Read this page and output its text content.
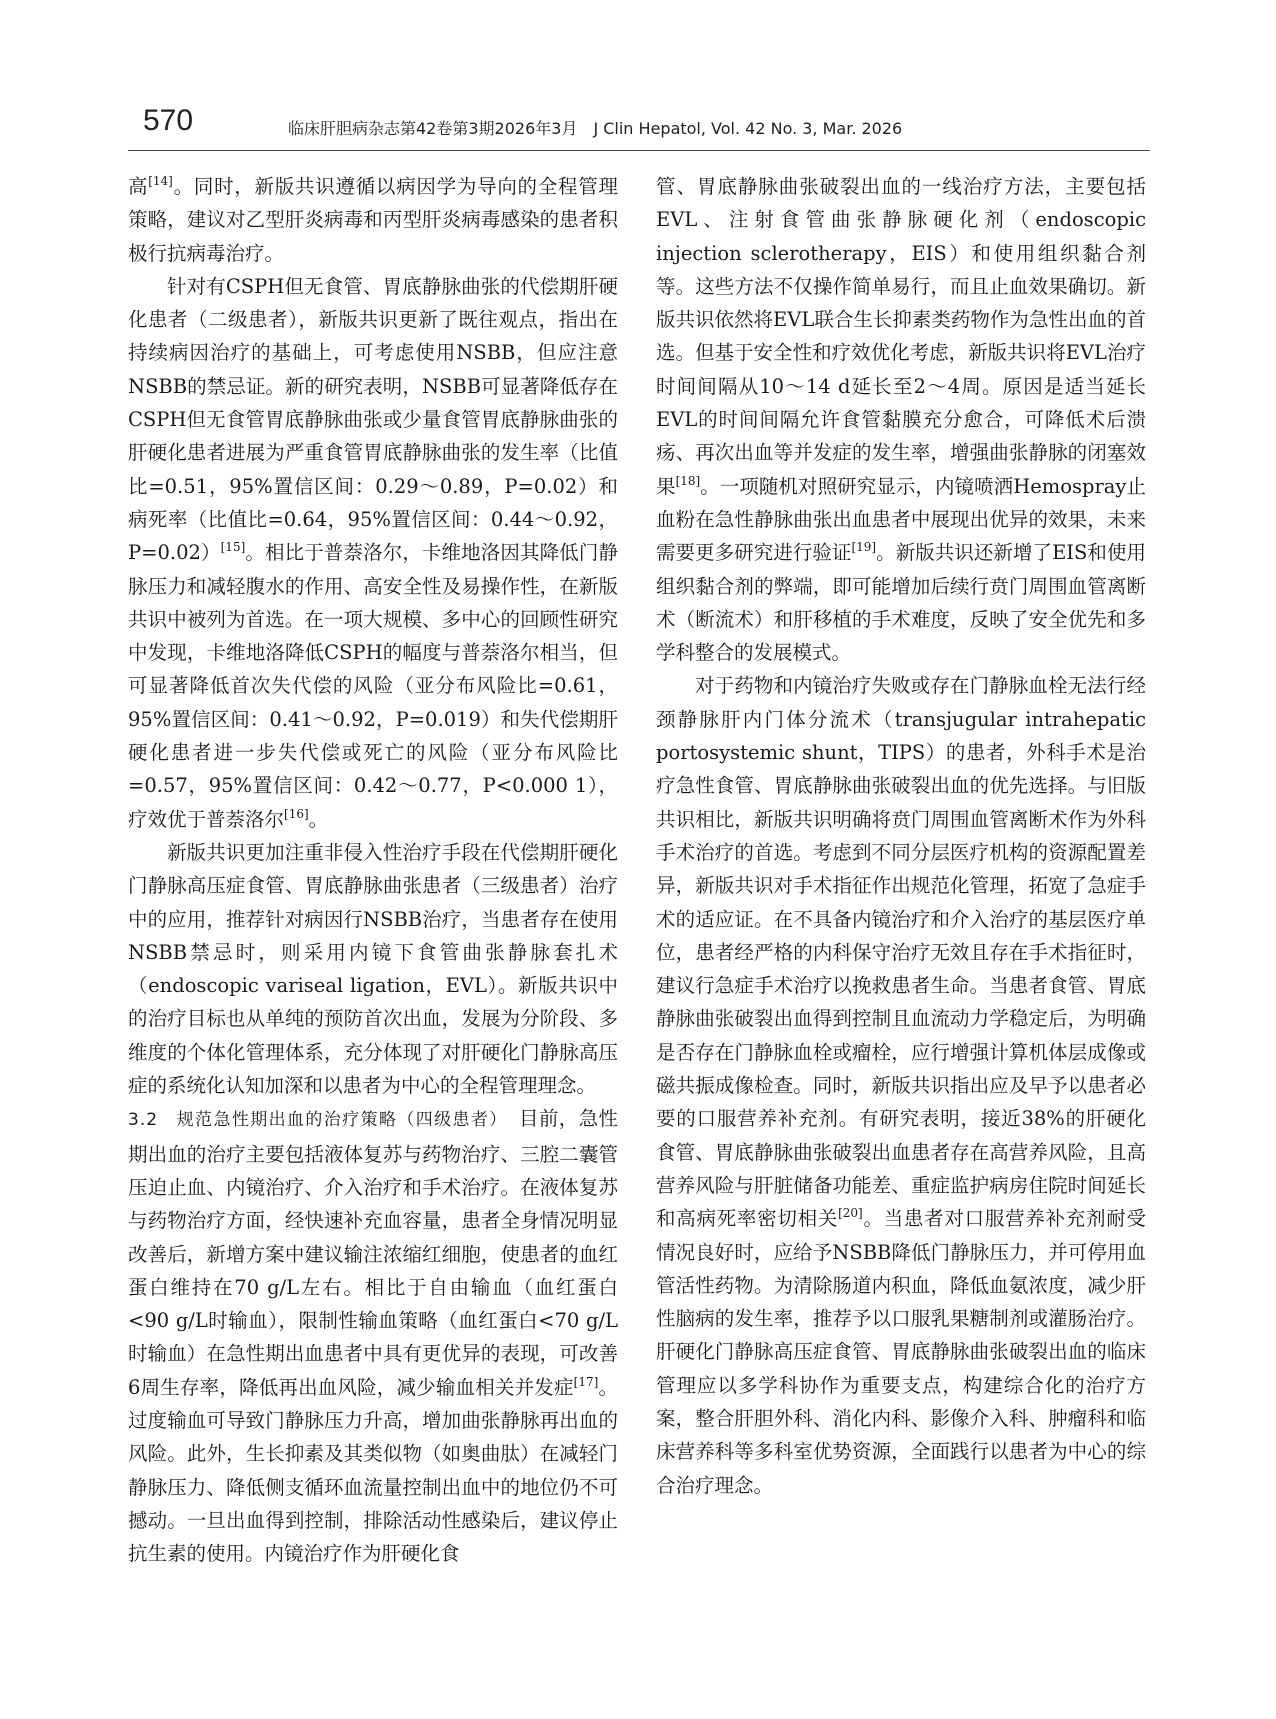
570	临床肝胆病杂志第42卷第3期2026年3月　J Clin Hepatol, Vol. 42 No. 3, Mar. 2026

高[14]。同时，新版共识遵循以病因学为导向的全程管理策略，建议对乙型肝炎病毒和丙型肝炎病毒感染的患者积极行抗病毒治疗。

针对有CSPH但无食管、胃底静脉曲张的代偿期肝硬化患者（二级患者），新版共识更新了既往观点，指出在持续病因治疗的基础上，可考虑使用NSBB，但应注意NSBB的禁忌证。新的研究表明，NSBB可显著降低存在CSPH但无食管胃底静脉曲张或少量食管胃底静脉曲张的肝硬化患者进展为严重食管胃底静脉曲张的发生率（比值比=0.51，95%置信区间：0.29～0.89，P=0.02）和病死率（比值比=0.64，95%置信区间：0.44～0.92，P=0.02）[15]。相比于普萘洛尔，卡维地洛因其降低门静脉压力和减轻腹水的作用、高安全性及易操作性，在新版共识中被列为首选。在一项大规模、多中心的回顾性研究中发现，卡维地洛降低CSPH的幅度与普萘洛尔相当，但可显著降低首次失代偿的风险（亚分布风险比=0.61，95%置信区间：0.41～0.92，P=0.019）和失代偿期肝硬化患者进一步失代偿或死亡的风险（亚分布风险比=0.57，95%置信区间：0.42～0.77，P<0.000 1），疗效优于普萘洛尔[16]。

新版共识更加注重非侵入性治疗手段在代偿期肝硬化门静脉高压症食管、胃底静脉曲张患者（三级患者）治疗中的应用，推荐针对病因行NSBB治疗，当患者存在使用NSBB禁忌时，则采用内镜下食管曲张静脉套扎术（endoscopic variseal ligation，EVL）。新版共识中的治疗目标也从单纯的预防首次出血，发展为分阶段、多维度的个体化管理体系，充分体现了对肝硬化门静脉高压症的系统化认知加深和以患者为中心的全程管理理念。

3.2　规范急性期出血的治疗策略（四级患者）　目前，急性期出血的治疗主要包括液体复苏与药物治疗、三腔二囊管压迫止血、内镜治疗、介入治疗和手术治疗。在液体复苏与药物治疗方面，经快速补充血容量，患者全身情况明显改善后，新增方案中建议输注浓缩红细胞，使患者的血红蛋白维持在70 g/L左右。相比于自由输血（血红蛋白<90 g/L时输血），限制性输血策略（血红蛋白<70 g/L时输血）在急性期出血患者中具有更优异的表现，可改善6周生存率，降低再出血风险，减少输血相关并发症[17]。过度输血可导致门静脉压力升高，增加曲张静脉再出血的风险。此外，生长抑素及其类似物（如奥曲肽）在减轻门静脉压力、降低侧支循环血流量控制出血中的地位仍不可撼动。一旦出血得到控制，排除活动性感染后，建议停止抗生素的使用。内镜治疗作为肝硬化食

管、胃底静脉曲张破裂出血的一线治疗方法，主要包括EVL、注射食管曲张静脉硬化剂（endoscopic injection sclerotherapy，EIS）和使用组织黏合剂等。这些方法不仅操作简单易行，而且止血效果确切。新版共识依然将EVL联合生长抑素类药物作为急性出血的首选。但基于安全性和疗效优化考虑，新版共识将EVL治疗时间间隔从10～14 d延长至2～4周。原因是适当延长EVL的时间间隔允许食管黏膜充分愈合，可降低术后溃疡、再次出血等并发症的发生率，增强曲张静脉的闭塞效果[18]。一项随机对照研究显示，内镜喷洒Hemospray止血粉在急性静脉曲张出血患者中展现出优异的效果，未来需要更多研究进行验证[19]。新版共识还新增了EIS和使用组织黏合剂的弊端，即可能增加后续行贲门周围血管离断术（断流术）和肝移植的手术难度，反映了安全优先和多学科整合的发展模式。

对于药物和内镜治疗失败或存在门静脉血栓无法行经颈静脉肝内门体分流术（transjugular intrahepatic portosystemic shunt，TIPS）的患者，外科手术是治疗急性食管、胃底静脉曲张破裂出血的优先选择。与旧版共识相比，新版共识明确将贲门周围血管离断术作为外科手术治疗的首选。考虑到不同分层医疗机构的资源配置差异，新版共识对手术指征作出规范化管理，拓宽了急症手术的适应证。在不具备内镜治疗和介入治疗的基层医疗单位，患者经严格的内科保守治疗无效且存在手术指征时，建议行急症手术治疗以挽救患者生命。当患者食管、胃底静脉曲张破裂出血得到控制且血流动力学稳定后，为明确是否存在门静脉血栓或瘤栓，应行增强计算机体层成像或磁共振成像检查。同时，新版共识指出应及早予以患者必要的口服营养补充剂。有研究表明，接近38%的肝硬化食管、胃底静脉曲张破裂出血患者存在高营养风险，且高营养风险与肝脏储备功能差、重症监护病房住院时间延长和高病死率密切相关[20]。当患者对口服营养补充剂耐受情况良好时，应给予NSBB降低门静脉压力，并可停用血管活性药物。为清除肠道内积血，降低血氨浓度，减少肝性脑病的发生率，推荐予以口服乳果糖制剂或灌肠治疗。肝硬化门静脉高压症食管、胃底静脉曲张破裂出血的临床管理应以多学科协作为重要支点，构建综合化的治疗方案，整合肝胆外科、消化内科、影像介入科、肿瘤科和临床营养科等多科室优势资源，全面践行以患者为中心的综合治疗理念。
